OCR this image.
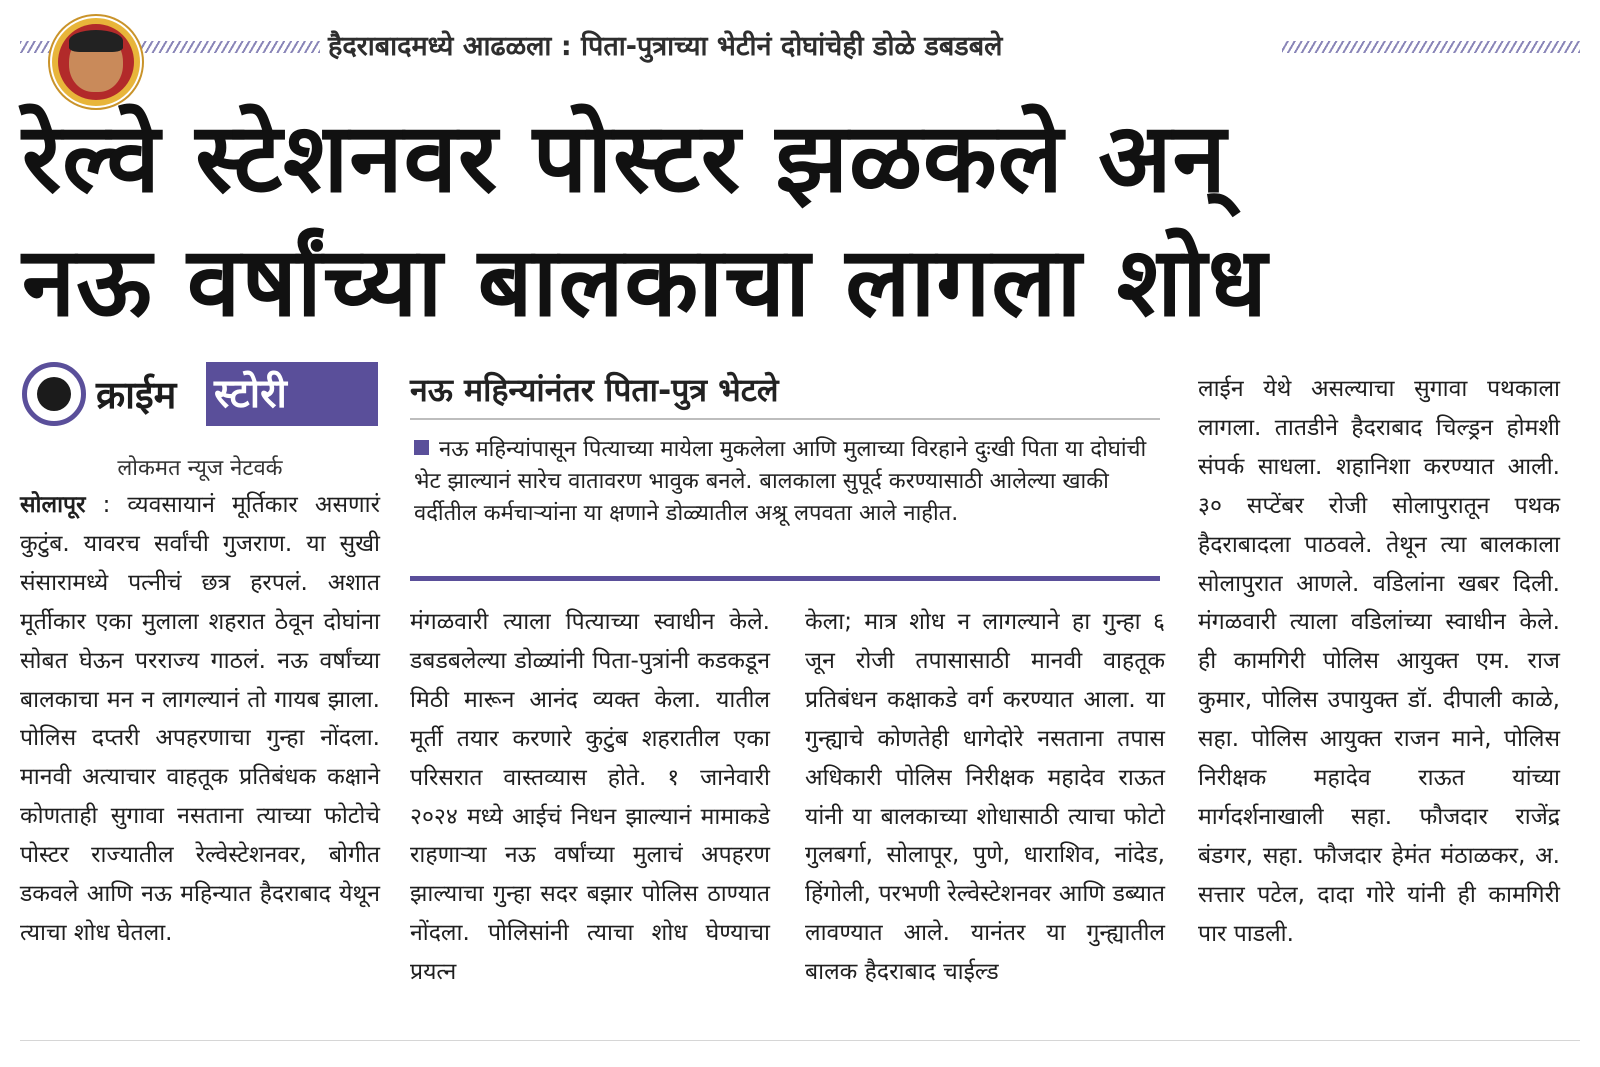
हैदराबादमध्ये आढळला : पिता-पुत्राच्या भेटीनं दोघांचेही डोळे डबडबले
रेल्वे स्टेशनवर पोस्टर झळकले अन्
नऊ वर्षांच्या बालकाचा लागला शोध
क्राईम स्टोरी
लोकमत न्यूज नेटवर्क
सोलापूर : व्यवसायानं मूर्तिकार असणारं कुटुंब. यावरच सर्वांची गुजराण. या सुखी संसारामध्ये पत्नीचं छत्र हरपलं. अशात मूर्तीकार एका मुलाला शहरात ठेवून दोघांना सोबत घेऊन परराज्य गाठलं. नऊ वर्षांच्या बालकाचा मन न लागल्यानं तो गायब झाला. पोलिस दप्तरी अपहरणाचा गुन्हा नोंदला. मानवी अत्याचार वाहतूक प्रतिबंधक कक्षाने कोणताही सुगावा नसताना त्याच्या फोटोचे पोस्टर राज्यातील रेल्वेस्टेशनवर, बोगीत डकवले आणि नऊ महिन्यात हैदराबाद येथून त्याचा शोध घेतला.
नऊ महिन्यांनंतर पिता-पुत्र भेटले
नऊ महिन्यांपासून पित्याच्या मायेला मुकलेला आणि मुलाच्या विरहाने दुःखी पिता या दोघांची भेट झाल्यानं सारेच वातावरण भावुक बनले. बालकाला सुपूर्द करण्यासाठी आलेल्या खाकी वर्दीतील कर्मचाऱ्यांना या क्षणाने डोळ्यातील अश्रू लपवता आले नाहीत.
मंगळवारी त्याला पित्याच्या स्वाधीन केले. डबडबलेल्या डोळ्यांनी पिता-पुत्रांनी कडकडून मिठी मारून आनंद व्यक्त केला. यातील मूर्ती तयार करणारे कुटुंब शहरातील एका परिसरात वास्तव्यास होते. १ जानेवारी २०२४ मध्ये आईचं निधन झाल्यानं मामाकडे राहणाऱ्या नऊ वर्षांच्या मुलाचं अपहरण झाल्याचा गुन्हा सदर बझार पोलिस ठाण्यात नोंदला. पोलिसांनी त्याचा शोध घेण्याचा प्रयत्न
केला; मात्र शोध न लागल्याने हा गुन्हा ६ जून रोजी तपासासाठी मानवी वाहतूक प्रतिबंधन कक्षाकडे वर्ग करण्यात आला. या गुन्ह्याचे कोणतेही धागेदोरे नसताना तपास अधिकारी पोलिस निरीक्षक महादेव राऊत यांनी या बालकाच्या शोधासाठी त्याचा फोटो गुलबर्गा, सोलापूर, पुणे, धाराशिव, नांदेड, हिंगोली, परभणी रेल्वेस्टेशनवर आणि डब्यात लावण्यात आले. यानंतर या गुन्ह्यातील बालक हैदराबाद चाईल्ड
लाईन येथे असल्याचा सुगावा पथकाला लागला. तातडीने हैदराबाद चिल्ड्रन होमशी संपर्क साधला. शहानिशा करण्यात आली. ३० सप्टेंबर रोजी सोलापुरातून पथक हैदराबादला पाठवले. तेथून त्या बालकाला सोलापुरात आणले. वडिलांना खबर दिली. मंगळवारी त्याला वडिलांच्या स्वाधीन केले. ही कामगिरी पोलिस आयुक्त एम. राज कुमार, पोलिस उपायुक्त डॉ. दीपाली काळे, सहा. पोलिस आयुक्त राजन माने, पोलिस निरीक्षक महादेव राऊत यांच्या मार्गदर्शनाखाली सहा. फौजदार राजेंद्र बंडगर, सहा. फौजदार हेमंत मंठाळकर, अ. सत्तार पटेल, दादा गोरे यांनी ही कामगिरी पार पाडली.
